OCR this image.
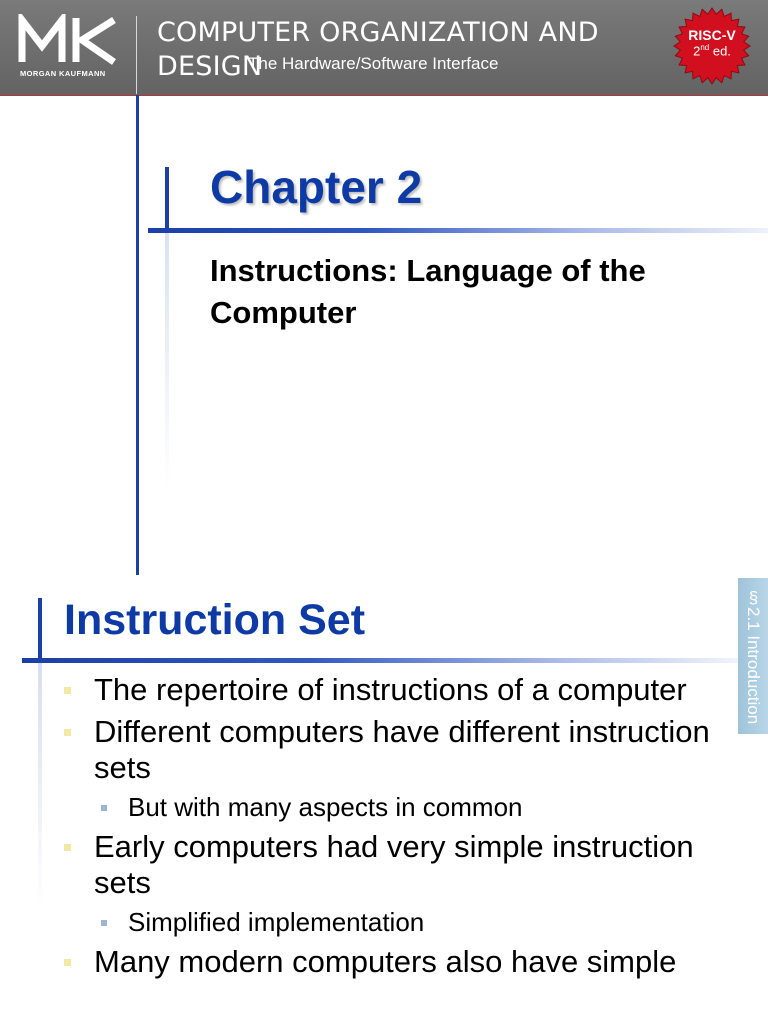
MORGAN KAUFMANN
COMPUTER ORGANIZATION AND DESIGN
The Hardware/Software Interface
RISC-V
2nd ed.
Chapter 2
Instructions: Language of the Computer
Instruction Set	§2.1 Introduction
The repertoire of instructions of a computer
Different computers have different instruction sets
But with many aspects in common
Early computers had very simple instruction sets
Simplified implementation
Many modern computers also have simple
